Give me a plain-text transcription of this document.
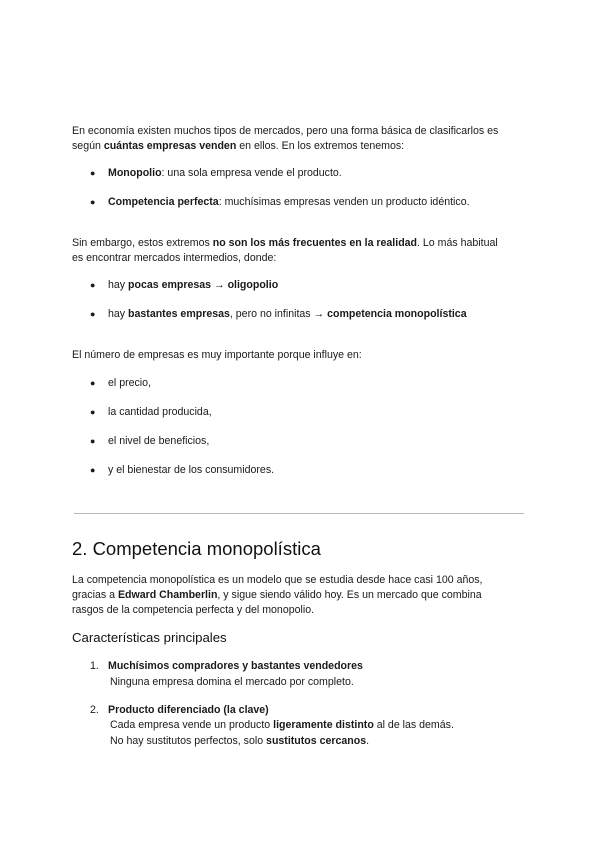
En economía existen muchos tipos de mercados, pero una forma básica de clasificarlos es
según cuántas empresas venden en ellos. En los extremos tenemos:

● Monopolio: una sola empresa vende el producto.
● Competencia perfecta: muchísimas empresas venden un producto idéntico.

Sin embargo, estos extremos no son los más frecuentes en la realidad. Lo más habitual
es encontrar mercados intermedios, donde:

● hay pocas empresas → oligopolio
● hay bastantes empresas, pero no infinitas → competencia monopolística

El número de empresas es muy importante porque influye en:

● el precio,
● la cantidad producida,
● el nivel de beneficios,
● y el bienestar de los consumidores.
2. Competencia monopolística

La competencia monopolística es un modelo que se estudia desde hace casi 100 años,
gracias a Edward Chamberlin, y sigue siendo válido hoy. Es un mercado que combina
rasgos de la competencia perfecta y del monopolio.

Características principales
1. Muchísimos compradores y bastantes vendedores
Ninguna empresa domina el mercado por completo.
2. Producto diferenciado (la clave)
Cada empresa vende un producto ligeramente distinto al de las demás.
No hay sustitutos perfectos, solo sustitutos cercanos.
